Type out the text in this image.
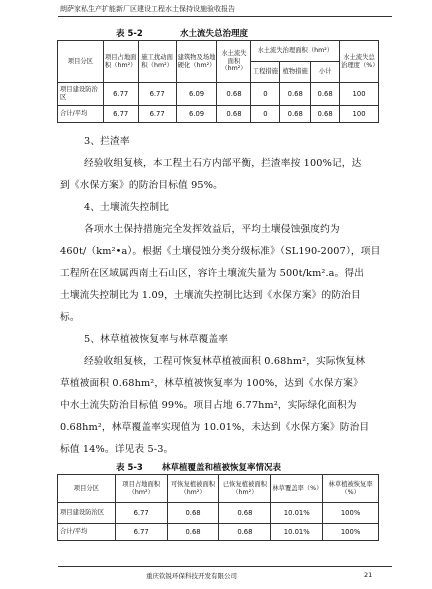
朗萨家私生产扩能新厂区建设工程水土保持设施验收报告
表 5-2	水土流失总治理度
项目分区	项目占地面积（hm²）	施工扰动面积（hm²）	建筑物及场地硬化（hm²）	水土流失面积（hm²）	水土流失治理面积（hm²）			水土流失总治理度（%）
					工程措施	植物措施	小计	
项目建设防治区	6.77	6.77	6.09	0.68	0	0.68	0.68	100
合计/平均	6.77	6.77	6.09	0.68	0	0.68	0.68	100
3、拦渣率
经验收组复核，本工程土石方内部平衡，拦渣率按 100%记，达
到《水保方案》的防治目标值 95%。
4、土壤流失控制比
各项水土保持措施完全发挥效益后，平均土壤侵蚀强度约为
460t/（km²•a）。根据《土壤侵蚀分类分级标准》（SL190-2007），项目
工程所在区域属西南土石山区，容许土壤流失量为 500t/km².a。得出
土壤流失控制比为 1.09，土壤流失控制比达到《水保方案》的防治目
标。
5、林草植被恢复率与林草覆盖率
经验收组复核，工程可恢复林草植被面积 0.68hm²，实际恢复林
草植被面积 0.68hm²，林草植被恢复率为 100%，达到《水保方案》
中水土流失防治目标值 99%。项目占地 6.77hm²，实际绿化面积为
0.68hm²，林草覆盖率实现值为 10.01%，未达到《水保方案》防治目
标值 14%。详见表 5-3。
表 5-3 林草植覆盖和植被恢复率情况表
项目分区	项目占地面积（hm²）	可恢复植被面积（hm²）	已恢复植被面积（hm²）	林草覆盖率（%）	林草植被恢复率（%）
项目建设防治区	6.77	0.68	0.68	10.01%	100%
合计/平均	6.77	0.68	0.68	10.01%	100%
重庆钦锐环保科技开发有限公司	21
